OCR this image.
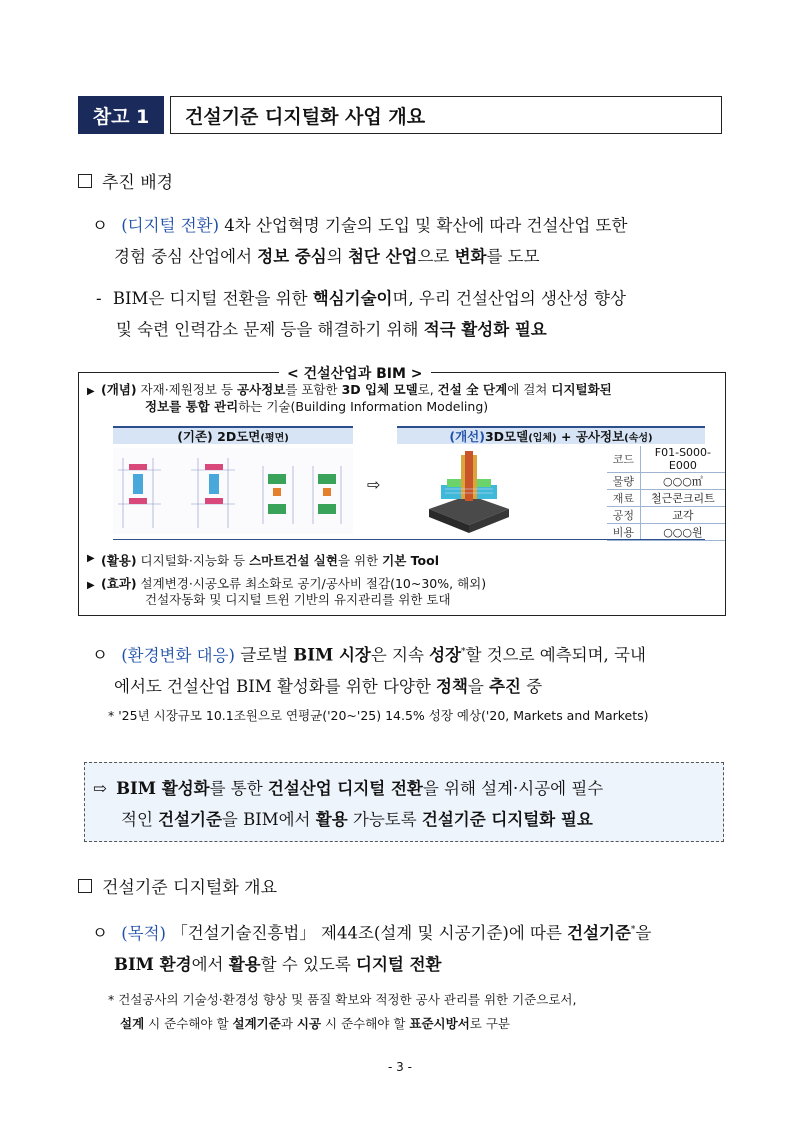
참고 1	건설기준 디지털화 사업 개요
추진 배경
ㅇ (디지털 전환) 4차 산업혁명 기술의 도입 및 확산에 따라 건설산업 또한
경험 중심 산업에서 정보 중심의 첨단 산업으로 변화를 도모
- BIM은 디지털 전환을 위한 핵심기술이며, 우리 건설산업의 생산성 향상
및 숙련 인력감소 문제 등을 해결하기 위해 적극 활성화 필요
< 건설산업과 BIM >
▶ (개념) 자재·제원정보 등 공사정보를 포함한 3D 입체 모델로, 건설 全 단계에 걸쳐 디지털화된
정보를 통합 관리하는 기술(Building Information Modeling)
(기존) 2D도면 (평면)	(개선) 3D모델 (입체) + 공사정보 (속성)
⇨
코드	F01-S000-E000
물량	○○○㎥
재료	철근콘크리트
공정	교각
비용	○○○원
▶ (활용) 디지털화·지능화 등 스마트건설 실현을 위한 기본 Tool
▶ (효과) 설계변경·시공오류 최소화로 공기/공사비 절감(10~30%, 해외)
건설자동화 및 디지털 트윈 기반의 유지관리를 위한 토대
ㅇ (환경변화 대응) 글로벌 BIM 시장은 지속 성장*할 것으로 예측되며, 국내
에서도 건설산업 BIM 활성화를 위한 다양한 정책을 추진 중
* '25년 시장규모 10.1조원으로 연평균('20~'25) 14.5% 성장 예상('20, Markets and Markets)
⇨ BIM 활성화를 통한 건설산업 디지털 전환을 위해 설계·시공에 필수
적인 건설기준을 BIM에서 활용 가능토록 건설기준 디지털화 필요
건설기준 디지털화 개요
ㅇ (목적) 「건설기술진흥법」 제44조(설계 및 시공기준)에 따른 건설기준*을
BIM 환경에서 활용할 수 있도록 디지털 전환
* 건설공사의 기술성·환경성 향상 및 품질 확보와 적정한 공사 관리를 위한 기준으로서,
설계 시 준수해야 할 설계기준과 시공 시 준수해야 할 표준시방서로 구분
- 3 -
